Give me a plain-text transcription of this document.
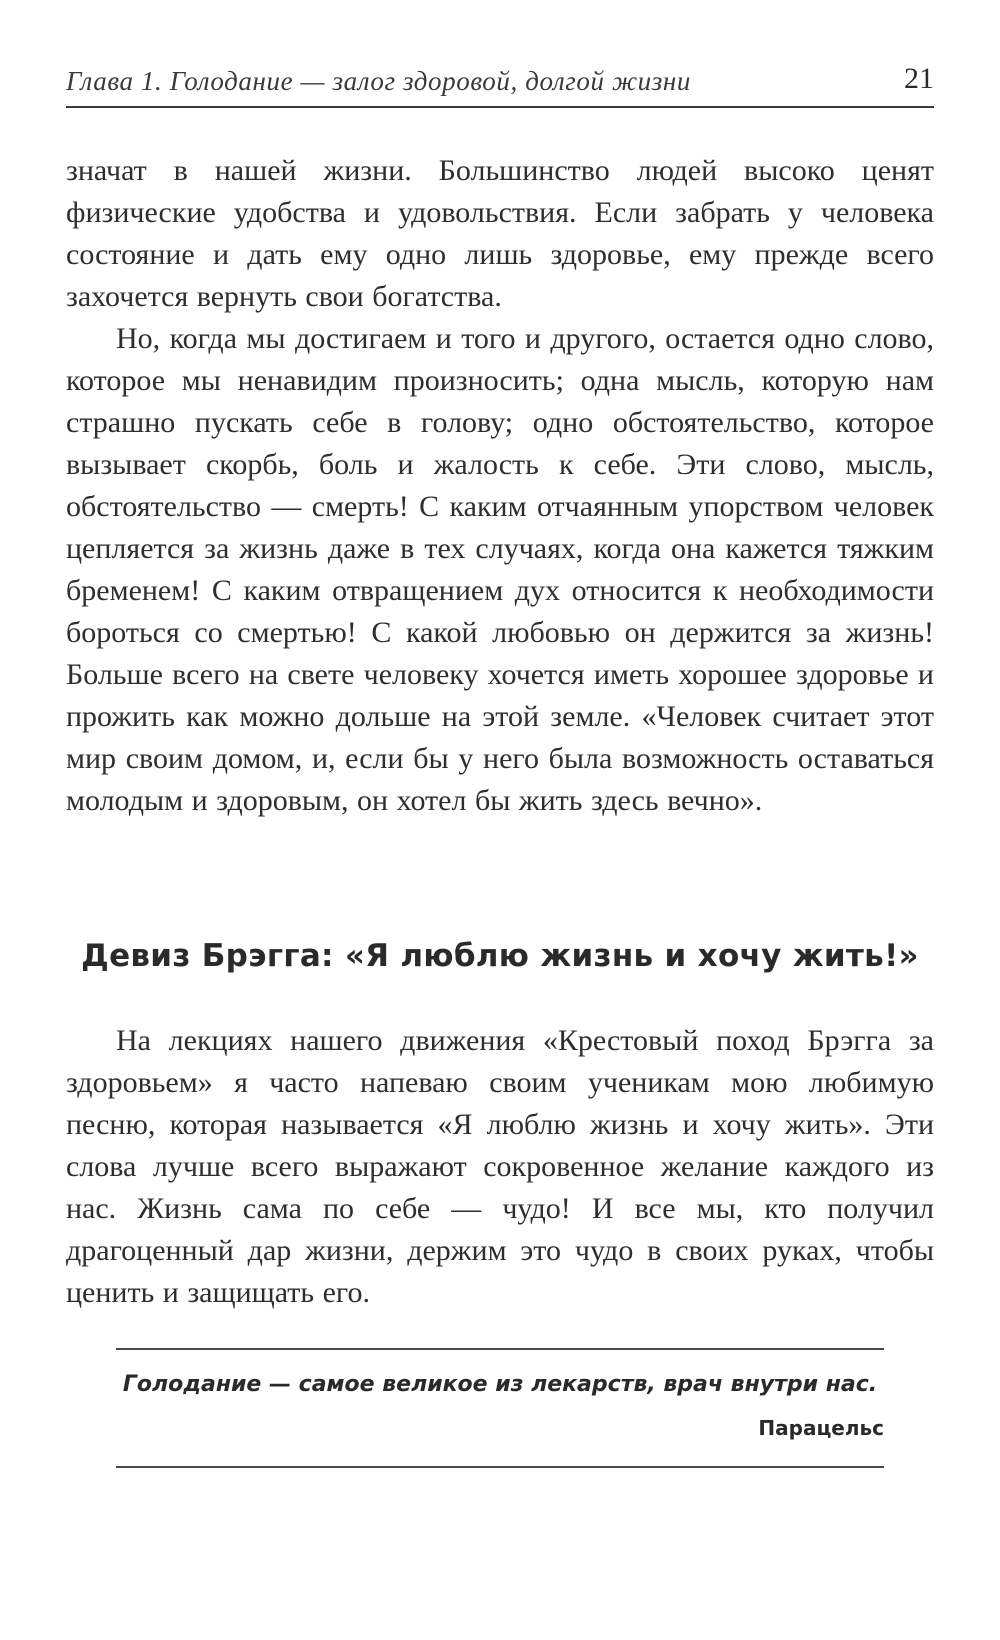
Глава 1. Голодание — залог здоровой, долгой жизни	21

значат в нашей жизни. Большинство людей высоко ценят физические удобства и удовольствия. Если забрать у человека состояние и дать ему одно лишь здоровье, ему прежде всего захочется вернуть свои богатства.

Но, когда мы достигаем и того и другого, остается одно слово, которое мы ненавидим произносить; одна мысль, которую нам страшно пускать себе в голову; одно обстоятельство, которое вызывает скорбь, боль и жалость к себе. Эти слово, мысль, обстоятельство — смерть! С каким отчаянным упорством человек цепляется за жизнь даже в тех случаях, когда она кажется тяжким бременем! С каким отвращением дух относится к необходимости бороться со смертью! С какой любовью он держится за жизнь! Больше всего на свете человеку хочется иметь хорошее здоровье и прожить как можно дольше на этой земле. «Человек считает этот мир своим домом, и, если бы у него была возможность оставаться молодым и здоровым, он хотел бы жить здесь вечно».

Девиз Брэгга: «Я люблю жизнь и хочу жить!»

На лекциях нашего движения «Крестовый поход Брэгга за здоровьем» я часто напеваю своим ученикам мою любимую песню, которая называется «Я люблю жизнь и хочу жить». Эти слова лучше всего выражают сокровенное желание каждого из нас. Жизнь сама по себе — чудо! И все мы, кто получил драгоценный дар жизни, держим это чудо в своих руках, чтобы ценить и защищать его.

Голодание — самое великое из лекарств, врач внутри нас.
Парацельс
